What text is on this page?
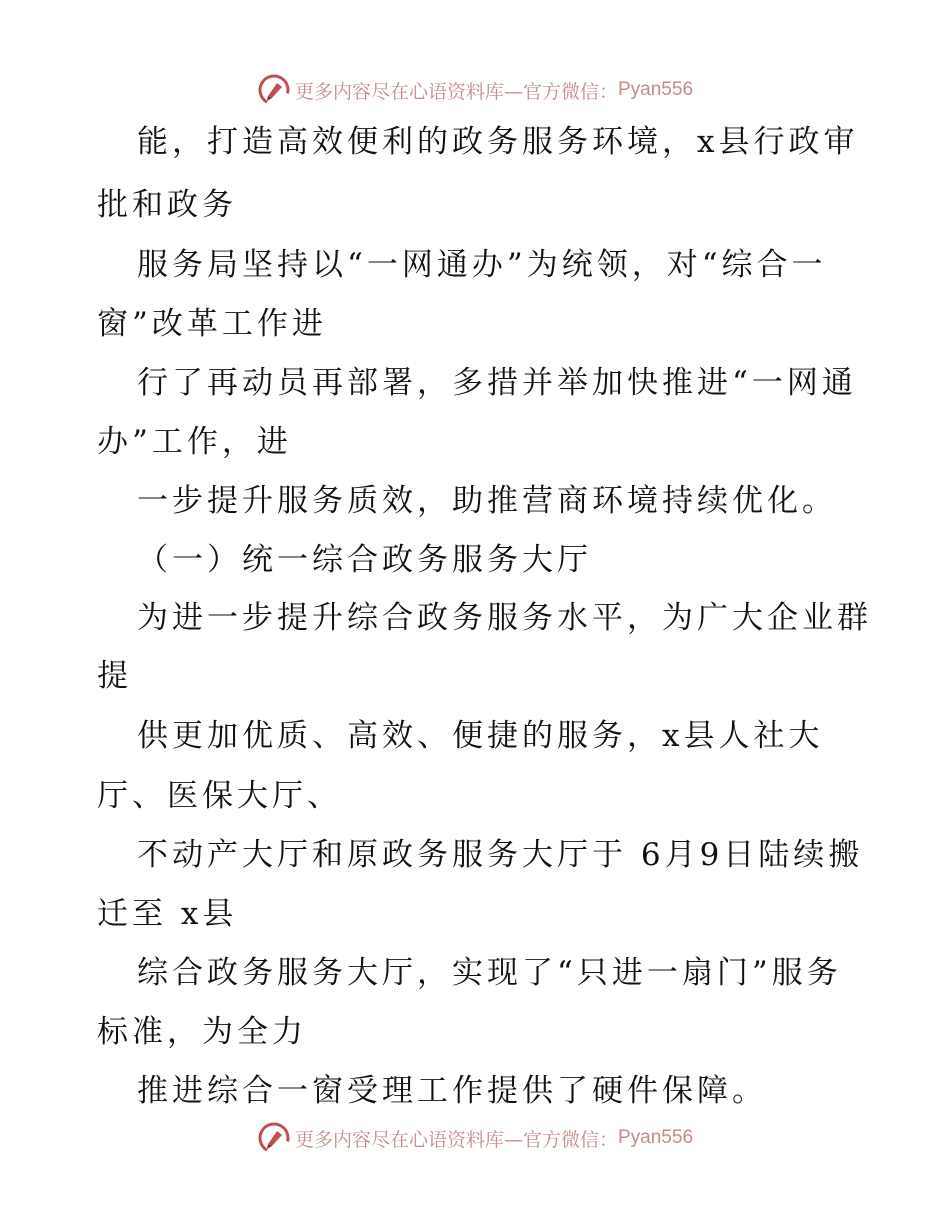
更多内容尽在心语资料库—官方微信： Pyan556
能，打造高效便利的政务服务环境，x县行政审
批和政务
服务局坚持以“一网通办”为统领，对“综合一
窗”改革工作进
行了再动员再部署，多措并举加快推进“一网通
办”工作，进
一步提升服务质效，助推营商环境持续优化。
（一）统一综合政务服务大厅
为进一步提升综合政务服务水平，为广大企业群
提
供更加优质、高效、便捷的服务，x县人社大
厅、医保大厅、
不动产大厅和原政务服务大厅于 6月9日陆续搬
迁至 x县
综合政务服务大厅，实现了“只进一扇门”服务
标准，为全力
推进综合一窗受理工作提供了硬件保障。
更多内容尽在心语资料库—官方微信： Pyan556
